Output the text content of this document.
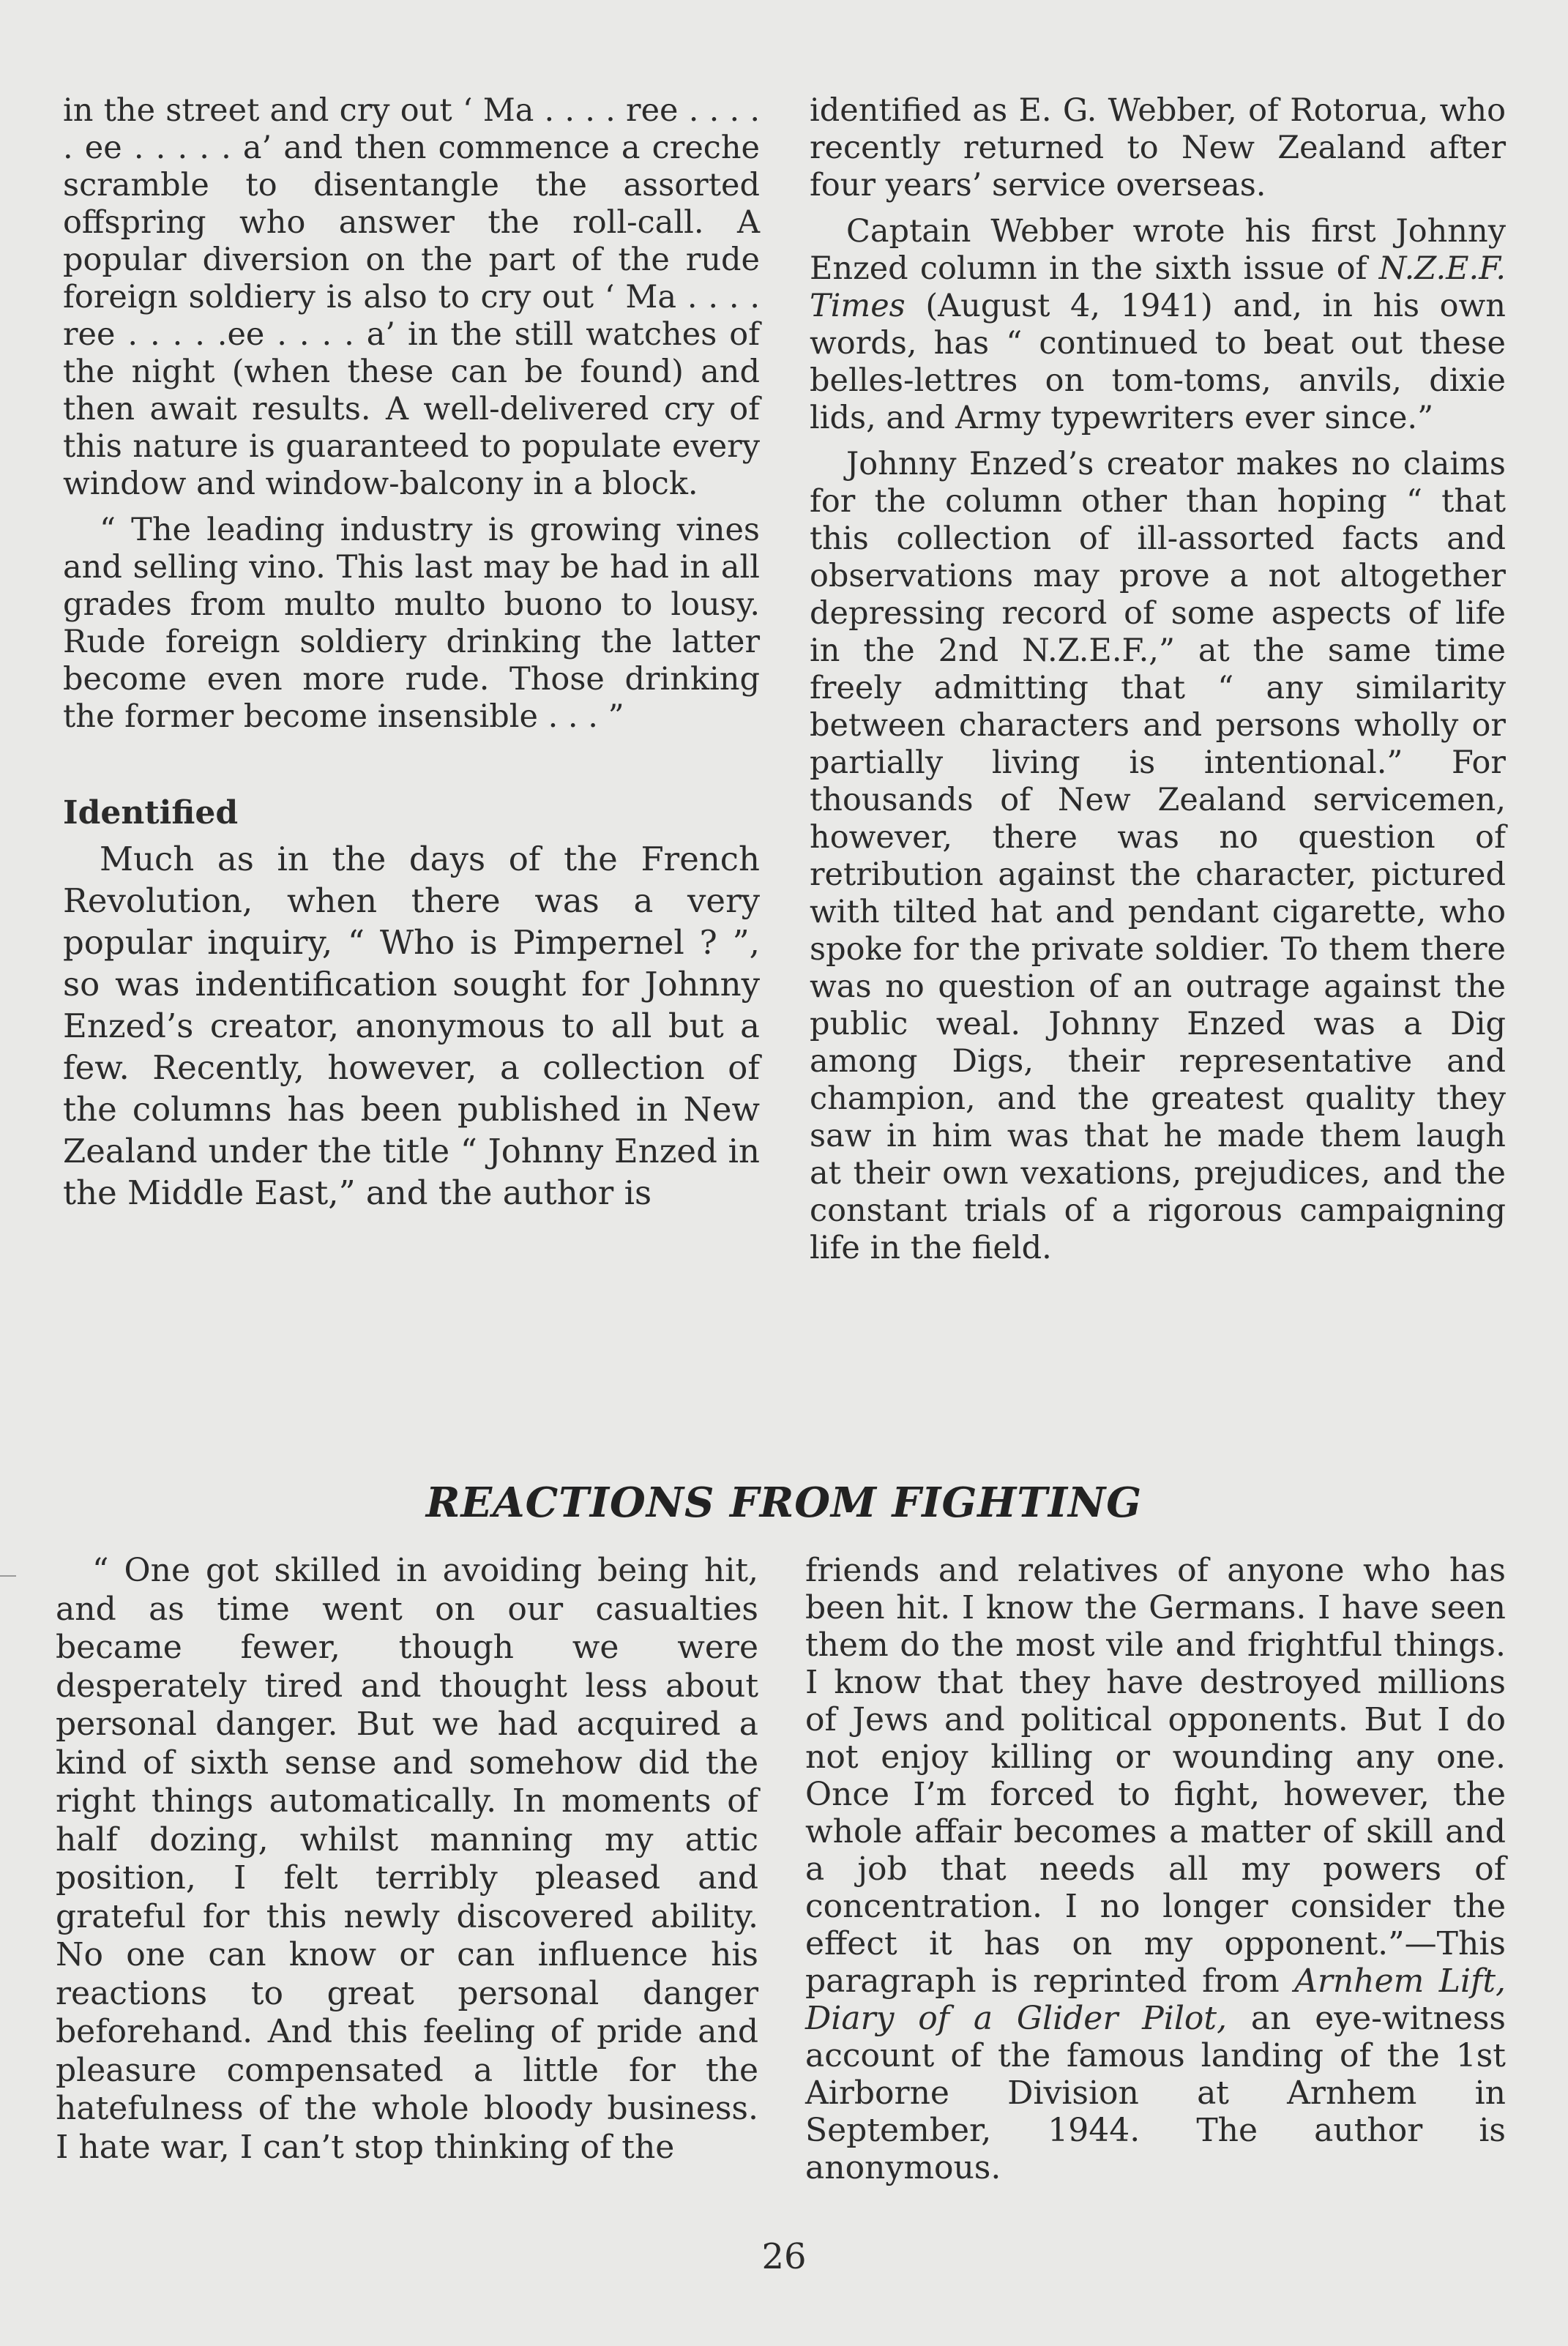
in the street and cry out ‘ Ma . . . . ree . . . . . ee . . . . . a’ and then commence a creche scramble to disentangle the assorted offspring who answer the roll-call. A popular diversion on the part of the rude foreign soldiery is also to cry out ‘ Ma . . . . ree . . . . .ee . . . . a’ in the still watches of the night (when these can be found) and then await results. A well-delivered cry of this nature is guaranteed to populate every window and window-balcony in a block.

“ The leading industry is growing vines and selling vino. This last may be had in all grades from multo multo buono to lousy. Rude foreign soldiery drinking the latter become even more rude. Those drinking the former become insensible . . . ”

Identified

Much as in the days of the French Revolution, when there was a very popular inquiry, “ Who is Pimpernel ? ”, so was indentification sought for Johnny Enzed’s creator, anonymous to all but a few. Recently, however, a collection of the columns has been published in New Zealand under the title “ Johnny Enzed in the Middle East,” and the author is

identified as E. G. Webber, of Rotorua, who recently returned to New Zealand after four years’ service overseas.

Captain Webber wrote his first Johnny Enzed column in the sixth issue of N.Z.E.F. Times (August 4, 1941) and, in his own words, has “ continued to beat out these belles-lettres on tom-toms, anvils, dixie lids, and Army typewriters ever since.”

Johnny Enzed’s creator makes no claims for the column other than hoping “ that this collection of ill-assorted facts and observations may prove a not altogether depressing record of some aspects of life in the 2nd N.Z.E.F.,” at the same time freely admitting that “ any similarity between characters and persons wholly or partially living is intentional.” For thousands of New Zealand servicemen, however, there was no question of retribution against the character, pictured with tilted hat and pendant cigarette, who spoke for the private soldier. To them there was no question of an outrage against the public weal. Johnny Enzed was a Dig among Digs, their representative and champion, and the greatest quality they saw in him was that he made them laugh at their own vexations, prejudices, and the constant trials of a rigorous campaigning life in the field.

REACTIONS FROM FIGHTING

“ One got skilled in avoiding being hit, and as time went on our casualties became fewer, though we were desperately tired and thought less about personal danger. But we had acquired a kind of sixth sense and somehow did the right things automatically. In moments of half dozing, whilst manning my attic position, I felt terribly pleased and grateful for this newly discovered ability. No one can know or can influence his reactions to great personal danger beforehand. And this feeling of pride and pleasure compensated a little for the hatefulness of the whole bloody business. I hate war, I can’t stop thinking of the

friends and relatives of anyone who has been hit. I know the Germans. I have seen them do the most vile and frightful things. I know that they have destroyed millions of Jews and political opponents. But I do not enjoy killing or wounding any one. Once I’m forced to fight, however, the whole affair becomes a matter of skill and a job that needs all my powers of concentration. I no longer consider the effect it has on my opponent.”—This paragraph is reprinted from Arnhem Lift, Diary of a Glider Pilot, an eye-witness account of the famous landing of the 1st Airborne Division at Arnhem in September, 1944. The author is anonymous.

26
